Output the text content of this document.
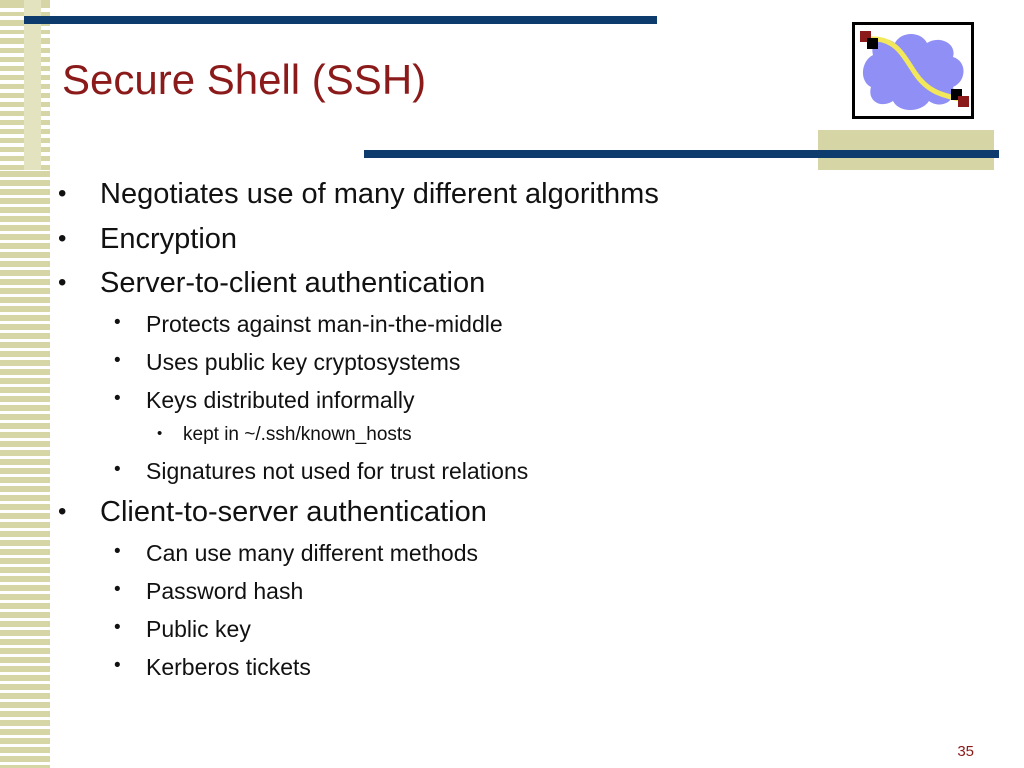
Secure Shell (SSH)
• Negotiates use of many different algorithms
• Encryption
• Server-to-client authentication
• Protects against man-in-the-middle
• Uses public key cryptosystems
• Keys distributed informally
• kept in ~/.ssh/known_hosts
• Signatures not used for trust relations
• Client-to-server authentication
• Can use many different methods
• Password hash
• Public key
• Kerberos tickets
35
